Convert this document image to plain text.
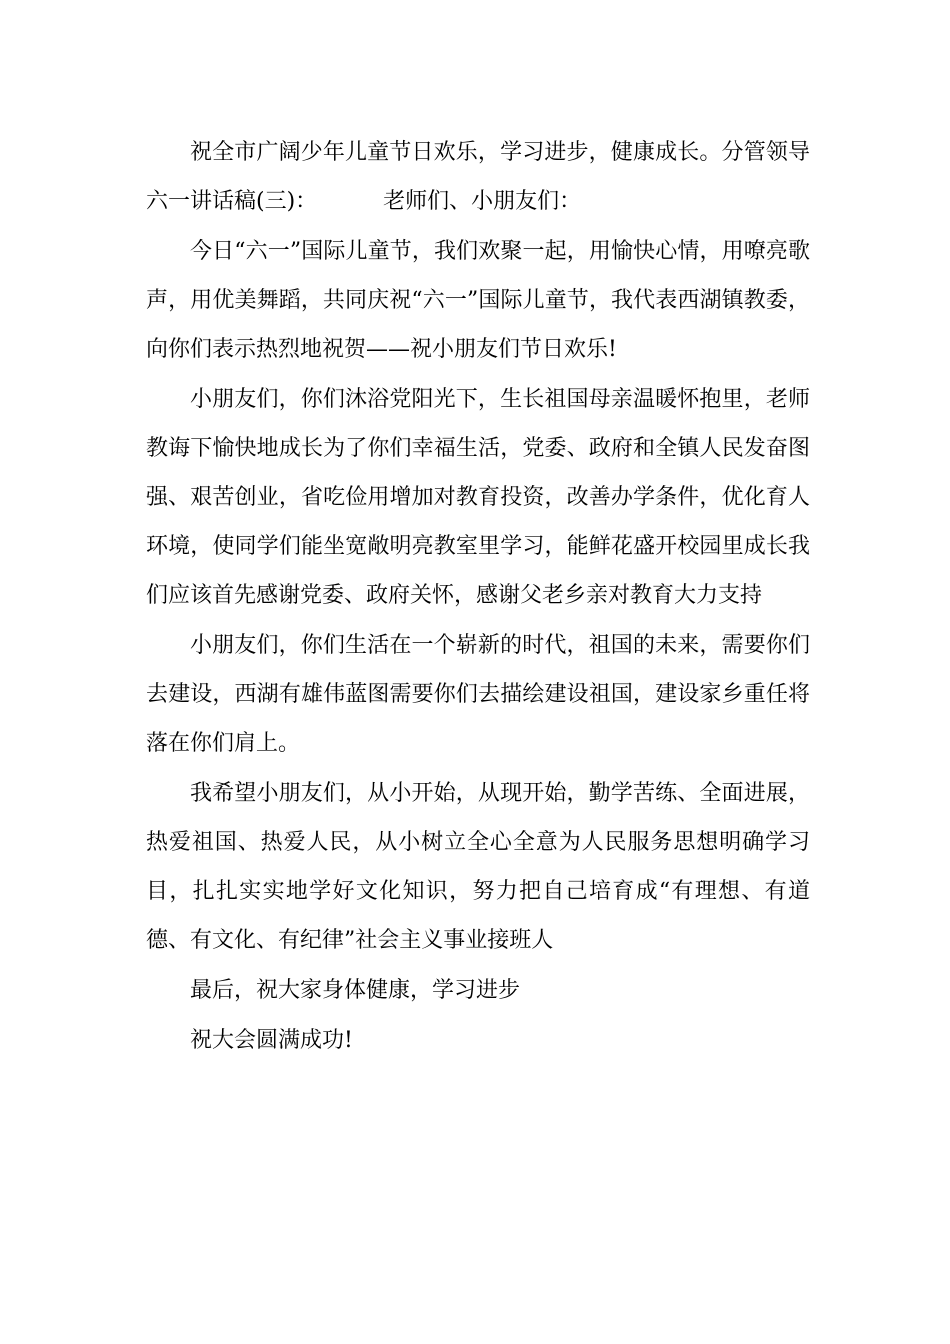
祝全市广阔少年儿童节日欢乐，学习进步，健康成长。分管领导六一讲话稿(三)：	老师们、小朋友们：

今日“六一”国际儿童节，我们欢聚一起，用愉快心情，用嘹亮歌声，用优美舞蹈，共同庆祝“六一”国际儿童节，我代表西湖镇教委，向你们表示热烈地祝贺——祝小朋友们节日欢乐!

小朋友们，你们沐浴党阳光下，生长祖国母亲温暖怀抱里，老师教诲下愉快地成长为了你们幸福生活，党委、政府和全镇人民发奋图强、艰苦创业，省吃俭用增加对教育投资，改善办学条件，优化育人环境，使同学们能坐宽敞明亮教室里学习，能鲜花盛开校园里成长我们应该首先感谢党委、政府关怀，感谢父老乡亲对教育大力支持

小朋友们，你们生活在一个崭新的时代，祖国的未来，需要你们去建设，西湖有雄伟蓝图需要你们去描绘建设祖国，建设家乡重任将落在你们肩上。

我希望小朋友们，从小开始，从现开始，勤学苦练、全面进展，热爱祖国、热爱人民，从小树立全心全意为人民服务思想明确学习目，扎扎实实地学好文化知识，努力把自己培育成“有理想、有道德、有文化、有纪律”社会主义事业接班人

最后，祝大家身体健康，学习进步

祝大会圆满成功!
